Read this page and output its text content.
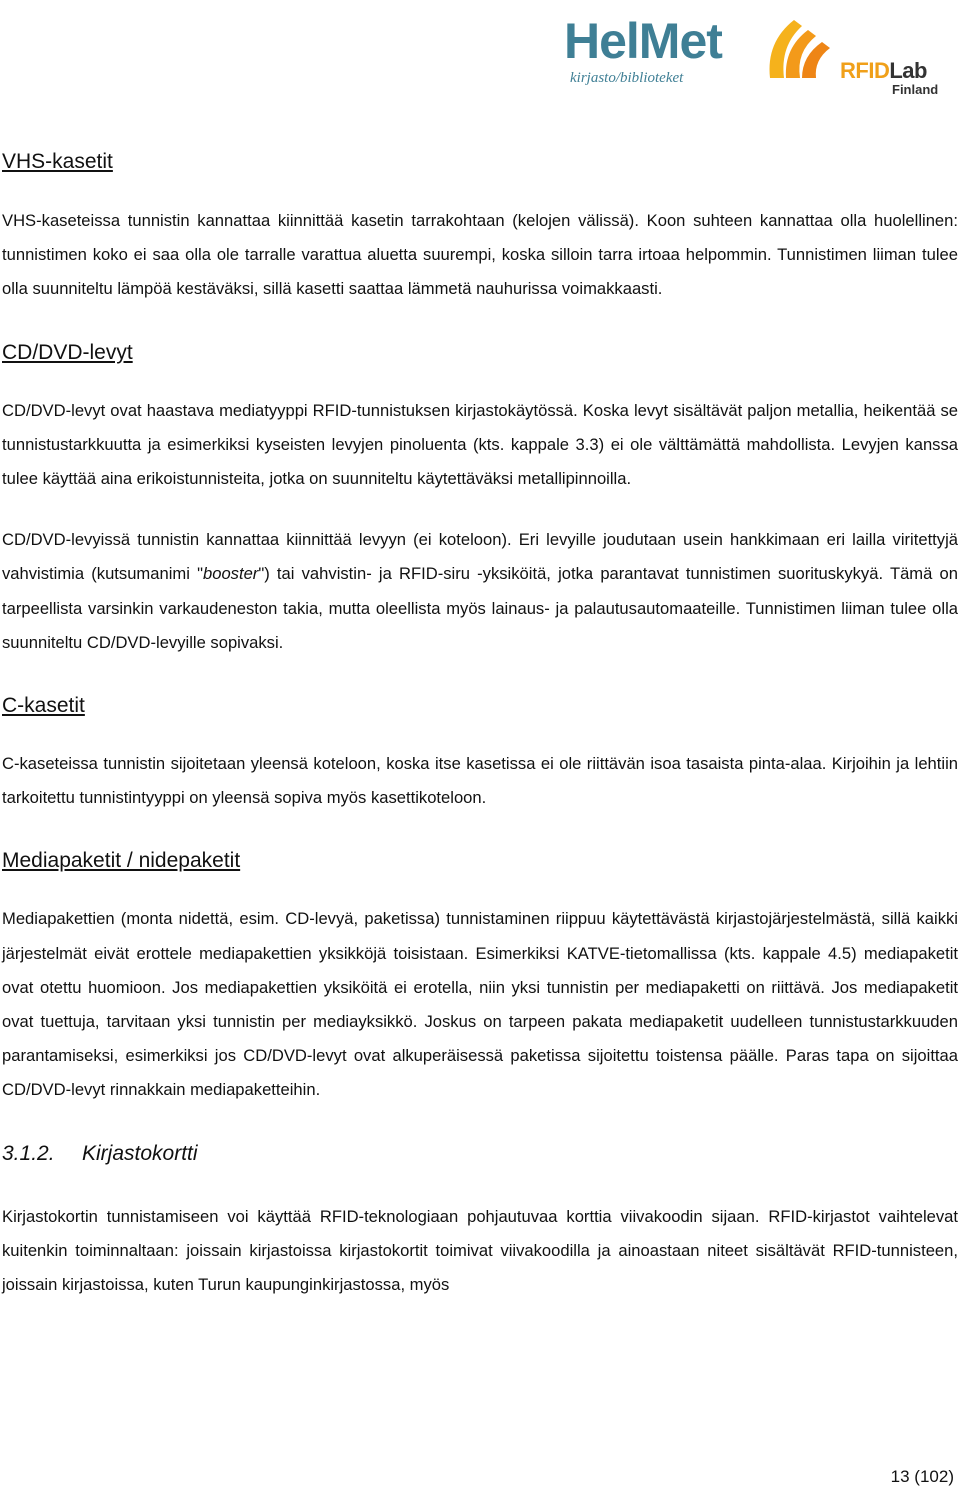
HelMet
kirjasto/biblioteket	RFIDLab
Finland
VHS-kasetit

VHS-kaseteissa tunnistin kannattaa kiinnittää kasetin tarrakohtaan (kelojen välissä). Koon suhteen kannattaa olla huolellinen: tunnistimen koko ei saa olla ole tarralle varattua aluetta suurempi, koska silloin tarra irtoaa helpommin. Tunnistimen liiman tulee olla suunniteltu lämpöä kestäväksi, sillä kasetti saattaa lämmetä nauhurissa voimakkaasti.

CD/DVD-levyt

CD/DVD-levyt ovat haastava mediatyyppi RFID-tunnistuksen kirjastokäytössä. Koska levyt sisältävät paljon metallia, heikentää se tunnistustarkkuutta ja esimerkiksi kyseisten levyjen pinoluenta (kts. kappale 3.3) ei ole välttämättä mahdollista. Levyjen kanssa tulee käyttää aina erikoistunnisteita, jotka on suunniteltu käytettäväksi metallipinnoilla.

CD/DVD-levyissä tunnistin kannattaa kiinnittää levyyn (ei koteloon). Eri levyille joudutaan usein hankkimaan eri lailla viritettyjä vahvistimia (kutsumanimi "booster") tai vahvistin- ja RFID-siru -yksiköitä, jotka parantavat tunnistimen suorituskykyä. Tämä on tarpeellista varsinkin varkaudeneston takia, mutta oleellista myös lainaus- ja palautusautomaateille. Tunnistimen liiman tulee olla suunniteltu CD/DVD-levyille sopivaksi.

C-kasetit

C-kaseteissa tunnistin sijoitetaan yleensä koteloon, koska itse kasetissa ei ole riittävän isoa tasaista pinta-alaa. Kirjoihin ja lehtiin tarkoitettu tunnistintyyppi on yleensä sopiva myös kasettikoteloon.

Mediapaketit / nidepaketit

Mediapakettien (monta nidettä, esim. CD-levyä, paketissa) tunnistaminen riippuu käytettävästä kirjastojärjestelmästä, sillä kaikki järjestelmät eivät erottele mediapakettien yksikköjä toisistaan. Esimerkiksi KATVE-tietomallissa (kts. kappale 4.5) mediapaketit ovat otettu huomioon. Jos mediapakettien yksiköitä ei erotella, niin yksi tunnistin per mediapaketti on riittävä. Jos mediapaketit ovat tuettuja, tarvitaan yksi tunnistin per mediayksikkö. Joskus on tarpeen pakata mediapaketit uudelleen tunnistustarkkuuden parantamiseksi, esimerkiksi jos CD/DVD-levyt ovat alkuperäisessä paketissa sijoitettu toistensa päälle. Paras tapa on sijoittaa CD/DVD-levyt rinnakkain mediapaketteihin.

3.1.2. Kirjastokortti

Kirjastokortin tunnistamiseen voi käyttää RFID-teknologiaan pohjautuvaa korttia viivakoodin sijaan. RFID-kirjastot vaihtelevat kuitenkin toiminnaltaan: joissain kirjastoissa kirjastokortit toimivat viivakoodilla ja ainoastaan niteet sisältävät RFID-tunnisteen, joissain kirjastoissa, kuten Turun kaupunginkirjastossa, myös

13 (102)
